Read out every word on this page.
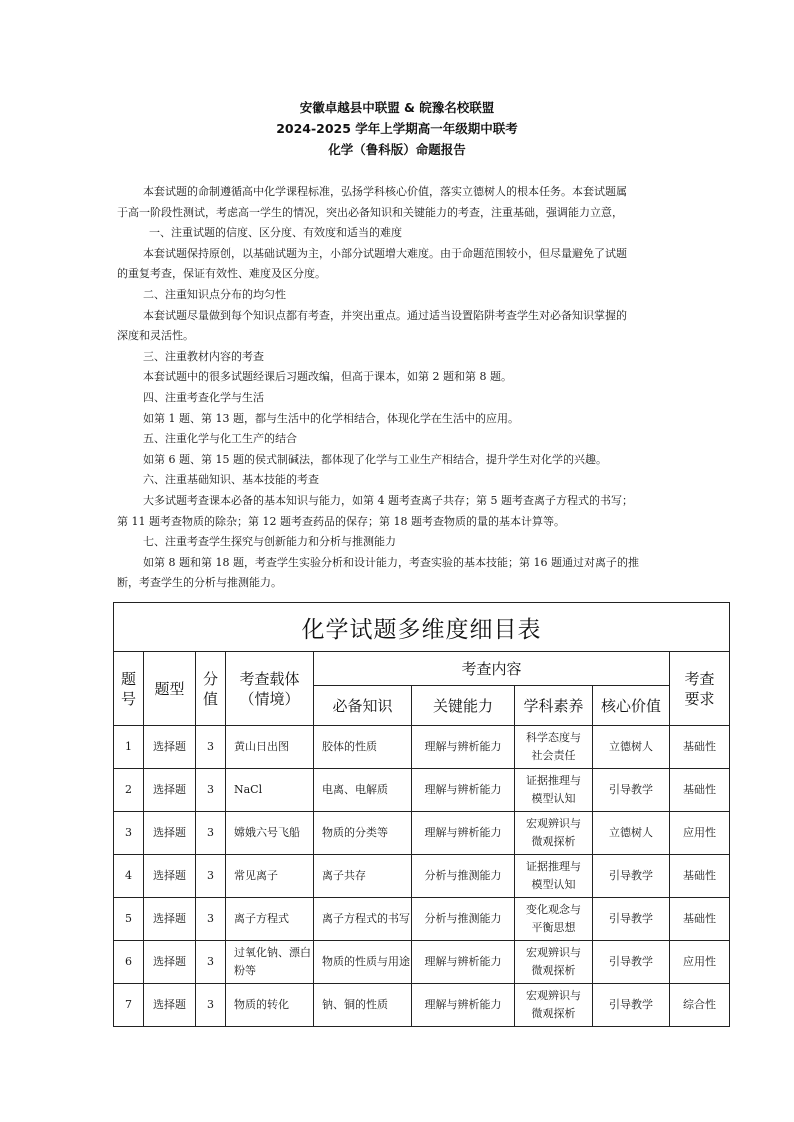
安徽卓越县中联盟 & 皖豫名校联盟
2024-2025 学年上学期高一年级期中联考
化学（鲁科版）命题报告

本套试题的命制遵循高中化学课程标准，弘扬学科核心价值，落实立德树人的根本任务。本套试题属

于高一阶段性测试，考虑高一学生的情况，突出必备知识和关键能力的考查，注重基础，强调能力立意，

一、注重试题的信度、区分度、有效度和适当的难度

本套试题保持原创，以基础试题为主，小部分试题增大难度。由于命题范围较小，但尽量避免了试题

的重复考查，保证有效性、难度及区分度。

二、注重知识点分布的均匀性

本套试题尽量做到每个知识点都有考查，并突出重点。通过适当设置陷阱考查学生对必备知识掌握的

深度和灵活性。

三、注重教材内容的考查

本套试题中的很多试题经课后习题改编，但高于课本，如第 2 题和第 8 题。

四、注重考查化学与生活

如第 1 题、第 13 题，都与生活中的化学相结合，体现化学在生活中的应用。

五、注重化学与化工生产的结合

如第 6 题、第 15 题的侯式制碱法，都体现了化学与工业生产相结合，提升学生对化学的兴趣。

六、注重基础知识、基本技能的考查

大多试题考查课本必备的基本知识与能力，如第 4 题考查离子共存；第 5 题考查离子方程式的书写；

第 11 题考查物质的除杂；第 12 题考查药品的保存；第 18 题考查物质的量的基本计算等。

七、注重考查学生探究与创新能力和分析与推测能力

如第 8 题和第 18 题，考查学生实验分析和设计能力，考查实验的基本技能；第 16 题通过对离子的推

断，考查学生的分析与推测能力。

化学试题多维度细目表								
题号	题型	分值	考查载体（情境）	考查内容				考查要求
				必备知识	关键能力	学科素养	核心价值	
1	选择题	3	黄山日出图	胶体的性质	理解与辨析能力	科学态度与社会责任	立德树人	基础性
2	选择题	3	NaCl	电离、电解质	理解与辨析能力	证据推理与模型认知	引导教学	基础性
3	选择题	3	嫦娥六号飞船	物质的分类等	理解与辨析能力	宏观辨识与微观探析	立德树人	应用性
4	选择题	3	常见离子	离子共存	分析与推测能力	证据推理与模型认知	引导教学	基础性
5	选择题	3	离子方程式	离子方程式的书写	分析与推测能力	变化观念与平衡思想	引导教学	基础性
6	选择题	3	过氧化钠、漂白粉等	物质的性质与用途	理解与辨析能力	宏观辨识与微观探析	引导教学	应用性
7	选择题	3	物质的转化	钠、铜的性质	理解与辨析能力	宏观辨识与微观探析	引导教学	综合性
